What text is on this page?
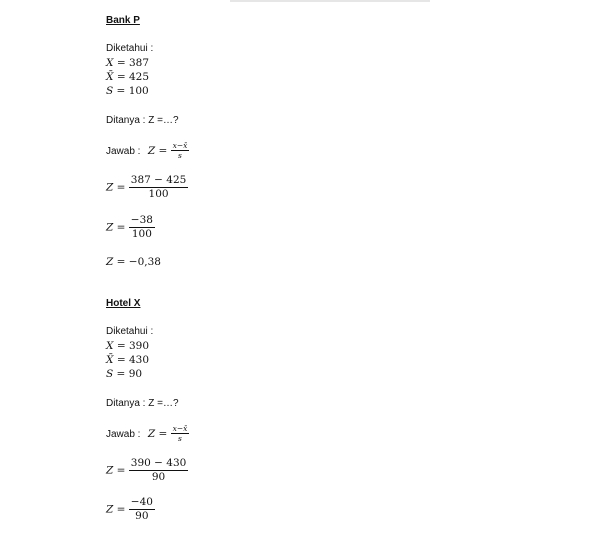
Bank P
Diketahui :
X = 387
X̄ = 425
S = 100
Ditanya : Z =…?
Jawab : $Z = \frac{x-x̄}{s}$
$Z = \frac{387 - 425}{100}$
$Z = \frac{-38}{100}$
Z = −0,38
Hotel X
Diketahui :
X = 390
X̄ = 430
S = 90
Ditanya : Z =…?
Jawab : $Z = \frac{x-x̄}{s}$
$Z = \frac{390 - 430}{90}$
$Z = \frac{-40}{90}$
